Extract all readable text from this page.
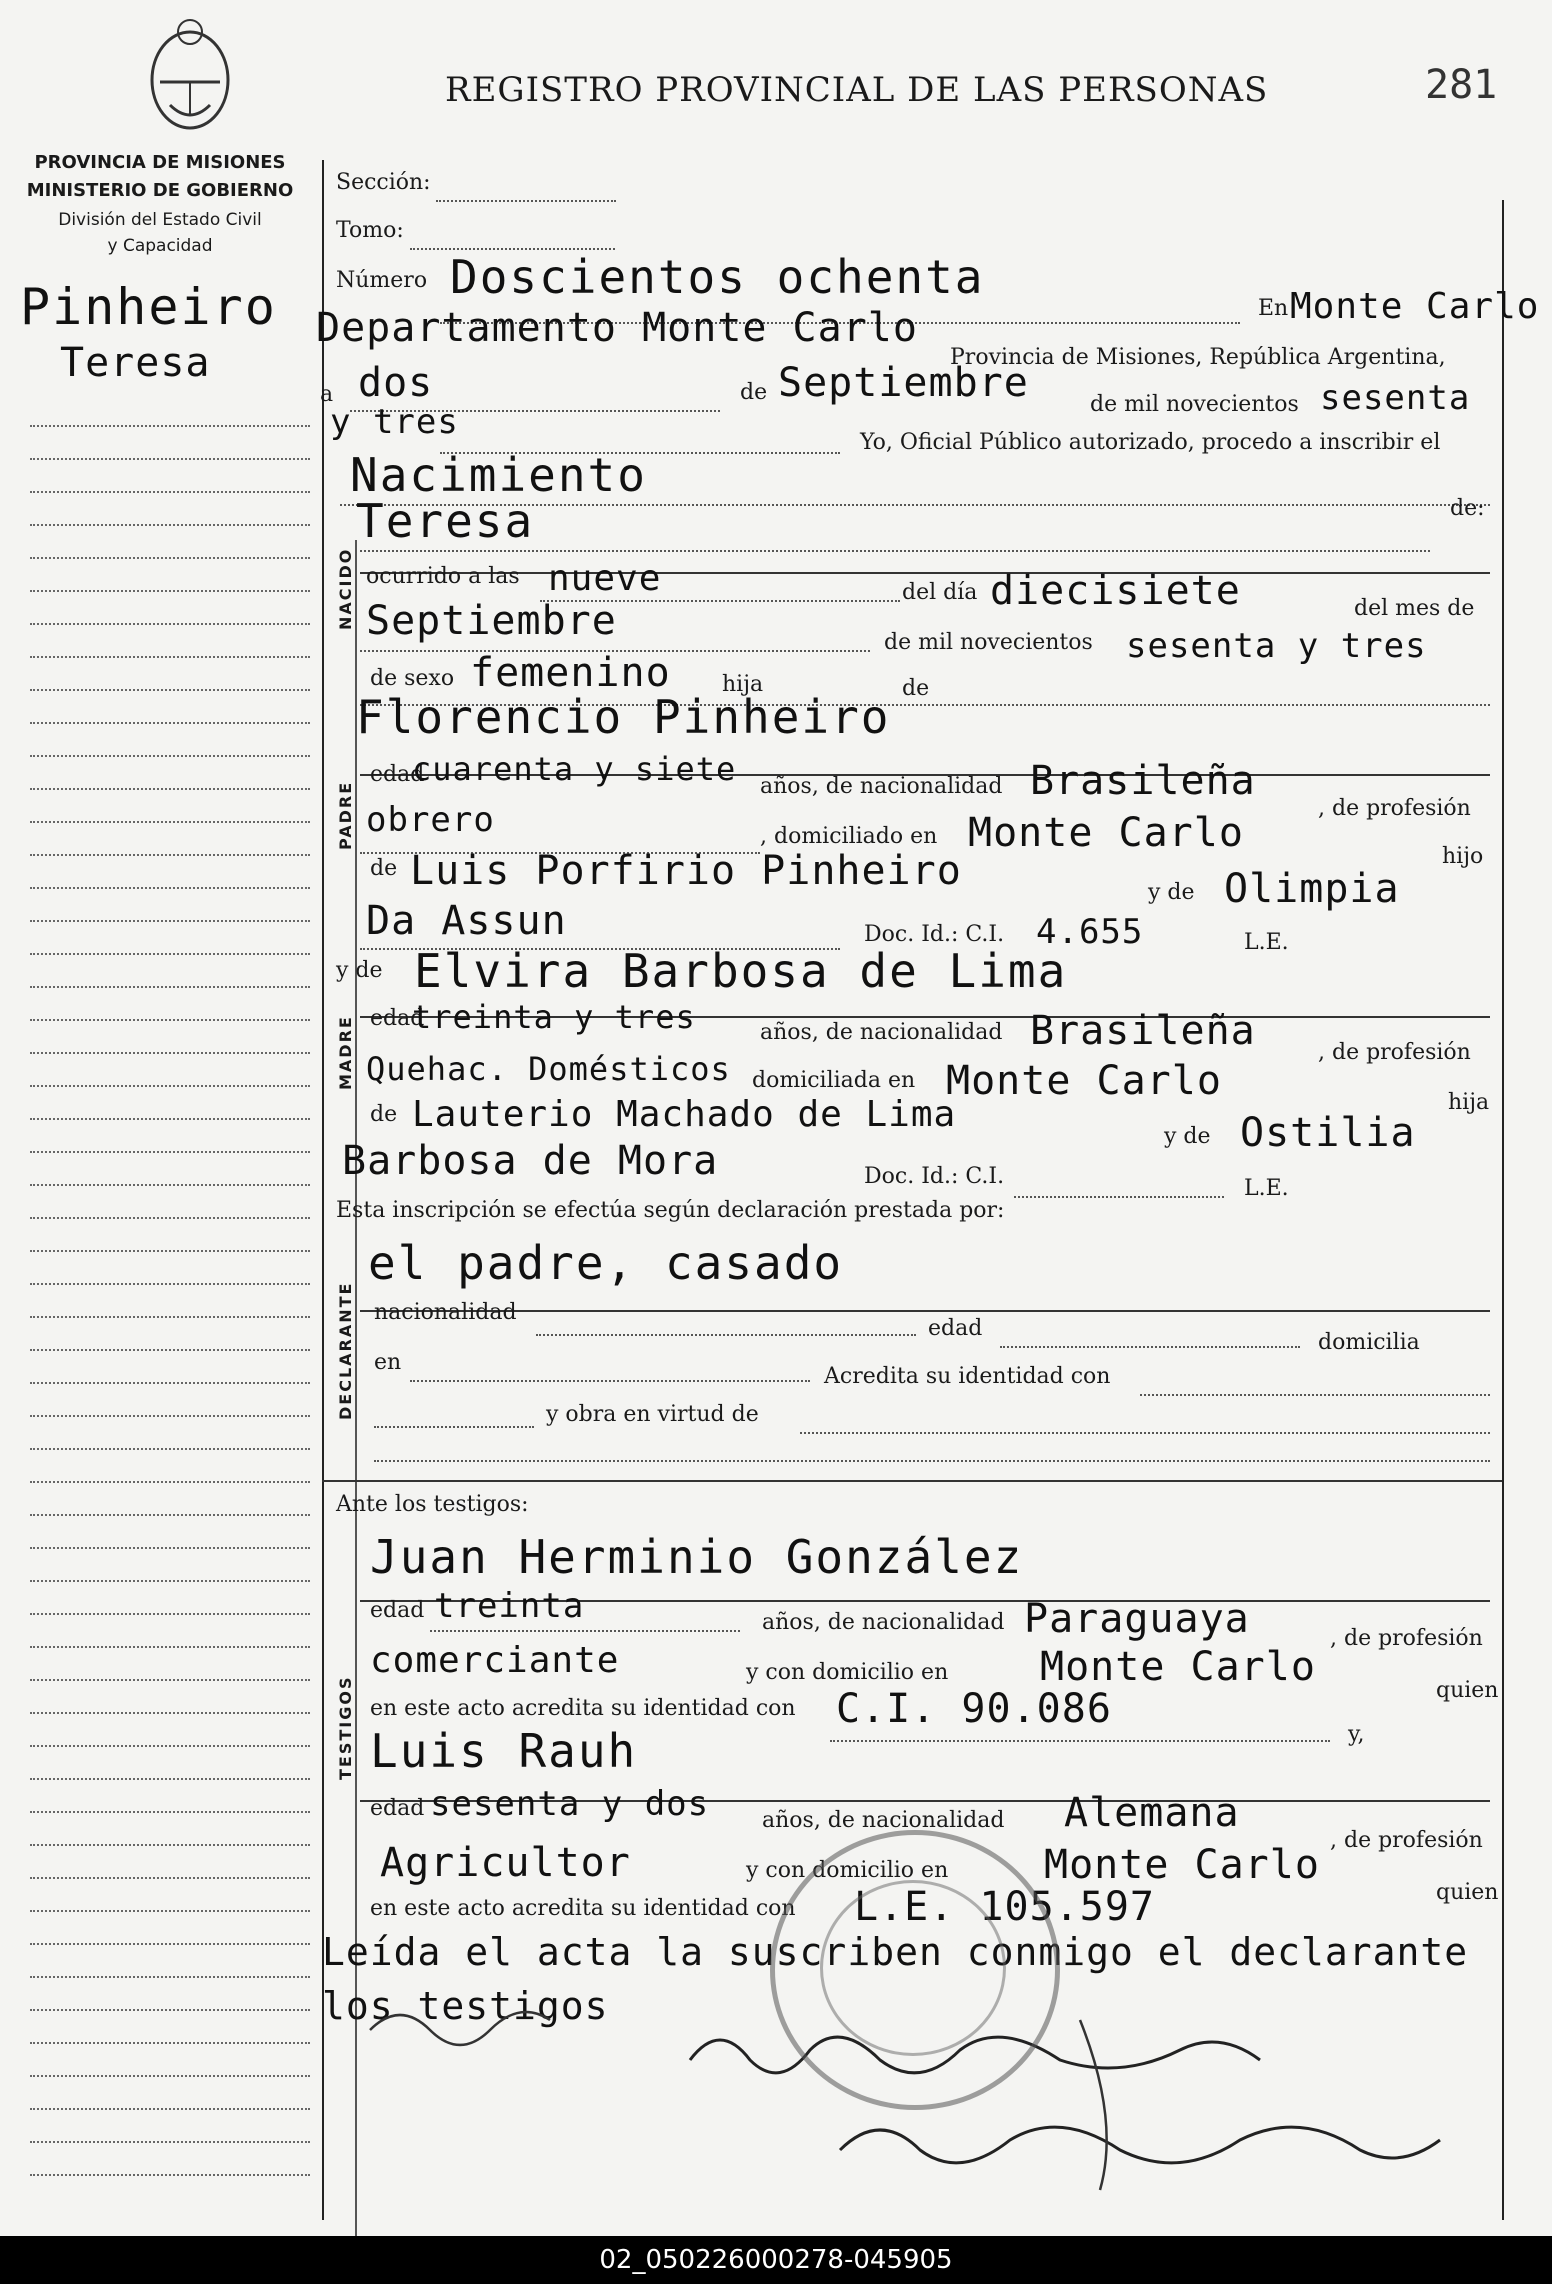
PROVINCIA DE MISIONES
MINISTERIO DE GOBIERNO
División del Estado Civil
y Capacidad
REGISTRO PROVINCIAL DE LAS PERSONAS	281
Pinheiro
Teresa
Sección:
Tomo:
Número Doscientos ochenta
En Monte Carlo
Departamento Monte Carlo
Provincia de Misiones, República Argentina,
a dos	de Septiembre	de mil novecientos sesenta
y tres
Yo, Oficial Público autorizado, procedo a inscribir el
Nacimiento
NACIDO
Teresa	de:
ocurrido a las nueve	del día diecisiete	del mes de
Septiembre	de mil novecientos sesenta y tres
de sexo femenino hija	de
PADRE
Florencio Pinheiro
edad
cuarenta y siete años, de nacionalidad Brasileña
, de profesión
obrero	, domiciliado en Monte Carlo
hijo
de Luis Porfirio Pinheiro	y de Olimpia
Da Assun	Doc. Id.: C.I. 4.655	L.E.
MADRE
y de Elvira Barbosa de Lima
edad
treinta y tres	años, de nacionalidad Brasileña	, de profesión
Quehac. Domésticos domiciliada en Monte Carlo	hija
de Lauterio Machado de Lima
y de Ostilia
Barbosa de Mora	Doc. Id.: C.I.	L.E.
Esta inscripción se efectúa según declaración prestada por:
DECLARANTE
el padre, casado
nacionalidad
edad
domicilia
en
Acredita su identidad con
y obra en virtud de
Ante los testigos:
TESTIGOS
Juan Herminio González
edad treinta	años, de nacionalidad Paraguaya	, de profesión
comerciante	y con domicilio en Monte Carlo
quien
en este acto acredita su identidad con C.I. 90.086
y,
Luis Rauh
edad sesenta y dos años, de nacionalidad Alemana
, de profesión
Agricultor	y con domicilio en Monte Carlo
quien
en este acto acredita su identidad con L.E. 105.597
Leída el acta la suscriben conmigo el declarante
los testigos
02_050226000278-045905
